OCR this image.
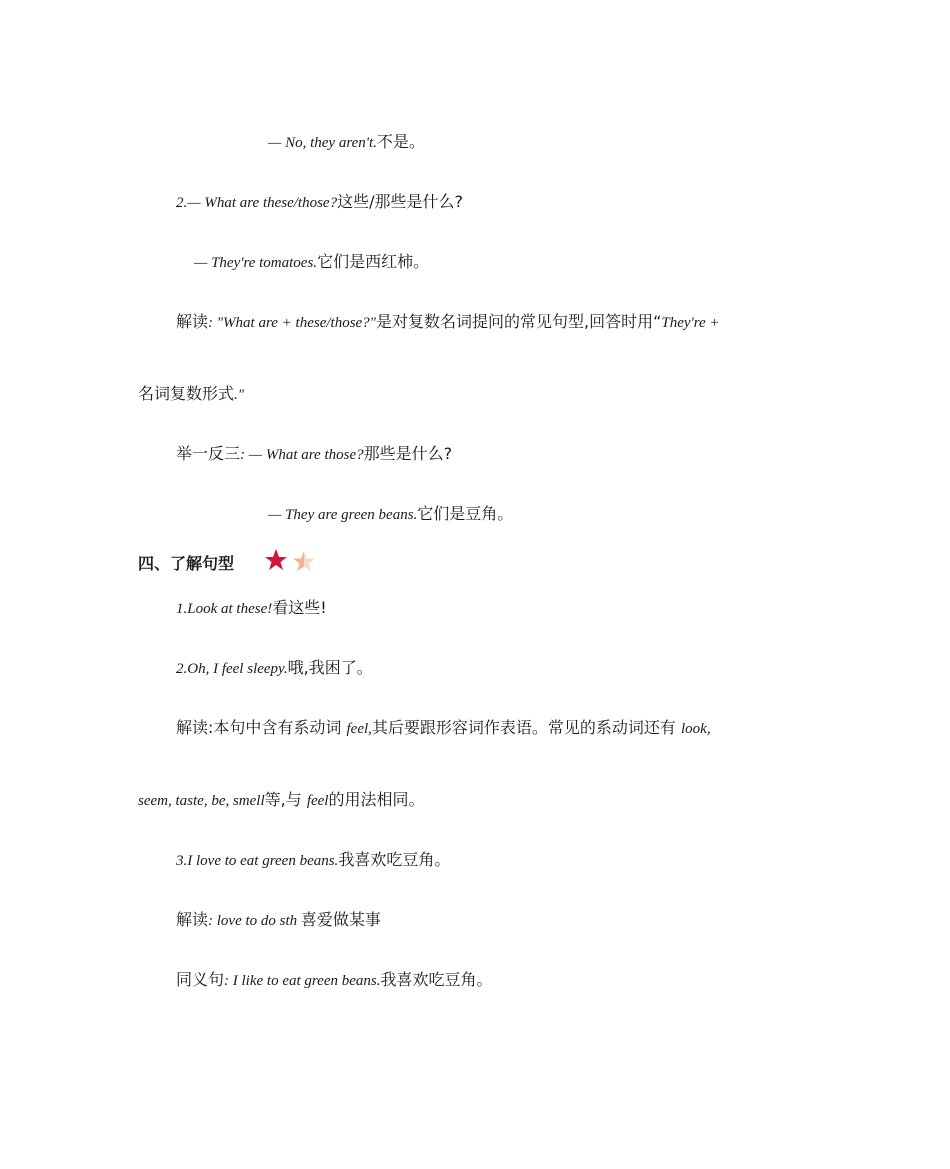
— No, they aren't.不是。
2.— What are these/those?这些/那些是什么?
— They're tomatoes.它们是西红柿。
解读: "What are + these/those?"是对复数名词提问的常见句型,回答时用“They're +
名词复数形式."
举一反三: — What are those?那些是什么?
— They are green beans.它们是豆角。
四、了解句型
1.Look at these!看这些!
2.Oh, I feel sleepy.哦,我困了。
解读:本句中含有系动词 feel,其后要跟形容词作表语。常见的系动词还有 look,
seem, taste, be, smell等,与 feel的用法相同。
3.I love to eat green beans.我喜欢吃豆角。
解读: love to do sth 喜爱做某事
同义句: I like to eat green beans.我喜欢吃豆角。
